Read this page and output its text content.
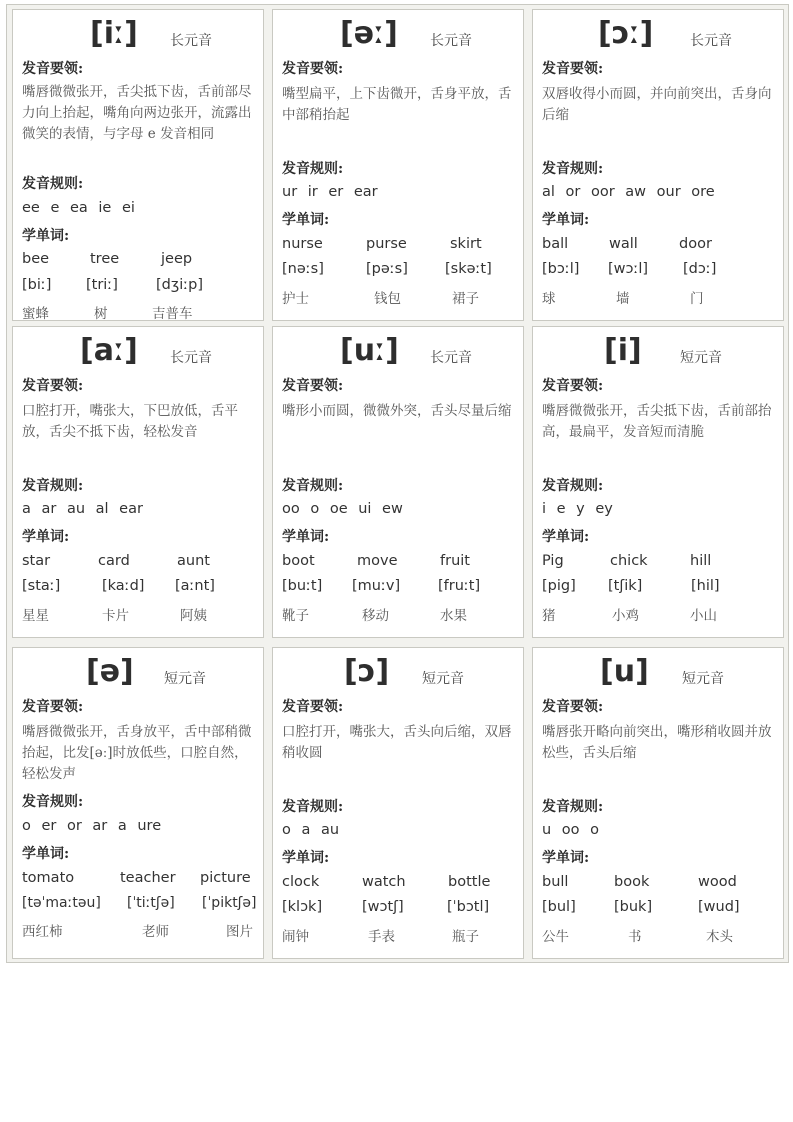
[iː] 长元音
发音要领:
嘴唇微微张开，舌尖抵下齿，舌前部尽力向上抬起，嘴角向两边张开，流露出微笑的表情，与字母 e 发音相同
发音规则:
ee e ea ie ei
学单词:
bee	tree	jeep
[biː] [triː]	[dʒiːp]
蜜蜂	树	吉普车
[əː] 长元音
发音要领:
嘴型扁平，上下齿微开，舌身平放，舌中部稍抬起
发音规则:
ur ir er ear
学单词:
nurse	purse	skirt
[nəːs]	[pəːs]	[skəːt]
护士	钱包	裙子
[ɔː]	长元音
发音要领:
双唇收得小而圆，并向前突出，舌身向后缩
发音规则:
al or oor aw our ore
学单词:
ball	wall	door
[bɔːl] [wɔːl] [dɔː]
球	墙	门
[aː] 长元音
发音要领:
口腔打开，嘴张大，下巴放低，舌平放，舌尖不抵下齿，轻松发音
发音规则:
a ar au al ear
学单词:
star	card	aunt
[staː]	[kaːd] [aːnt]
星星	卡片	阿姨
[uː] 长元音
发音要领:
嘴形小而圆，微微外突，舌头尽量后缩
发音规则:
oo o oe ui ew
学单词:
boot	move	fruit
[buːt] [muːv]	[fruːt]
靴子	移动	水果
[i]	短元音
发音要领:
嘴唇微微张开，舌尖抵下齿，舌前部抬高，最扁平，发音短而清脆
发音规则:
i e y ey
学单词:
Pig	chick	hill
[pig] [tʃik]	[hil]
猪	小鸡	小山
[ə] 短元音
发音要领:
嘴唇微微张开，舌身放平，舌中部稍微抬起，比发[əː]时放低些，口腔自然，轻松发声
发音规则:
o er or ar a ure
学单词:
tomato	teacher picture
[təˈmaːtəu] [ˈtiːtʃə] [ˈpiktʃə]
西红柿	老师	图片
[ɔ] 短元音
发音要领:
口腔打开，嘴张大，舌头向后缩，双唇稍收圆
发音规则:
o a au
学单词:
clock	watch	bottle
[klɔk]	[wɔtʃ]	[ˈbɔtl]
闹钟	手表	瓶子
[u] 短元音
发音要领:
嘴唇张开略向前突出，嘴形稍收圆并放松些，舌头后缩
发音规则:
u oo o
学单词:
bull	book	wood
[bul]	[buk]	[wud]
公牛	书	木头
